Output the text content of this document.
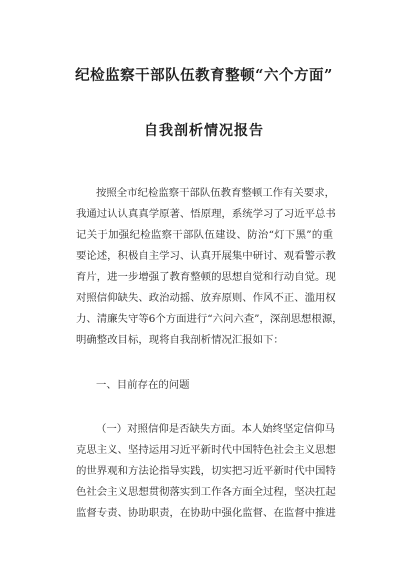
纪检监察干部队伍教育整顿“六个方面”
自我剖析情况报告
按照全市纪检监察干部队伍教育整顿工作有关要求，
我通过认认真真学原著、悟原理，系统学习了习近平总书
记关于加强纪检监察干部队伍建设、防治“灯下黑”的重
要论述，积极自主学习、认真开展集中研讨、观看警示教
育片，进一步增强了教育整顿的思想自觉和行动自觉。现
对照信仰缺失、政治动摇、放弃原则、作风不正、滥用权
力、清廉失守等6个方面进行“六问六查”，深剖思想根源，
明确整改目标，现将自我剖析情况汇报如下：
一、目前存在的问题
（一）对照信仰是否缺失方面。本人始终坚定信仰马
克思主义、坚持运用习近平新时代中国特色社会主义思想
的世界观和方法论指导实践，切实把习近平新时代中国特
色社会主义思想贯彻落实到工作各方面全过程，坚决扛起
监督专责、协助职责，在协助中强化监督、在监督中推进
